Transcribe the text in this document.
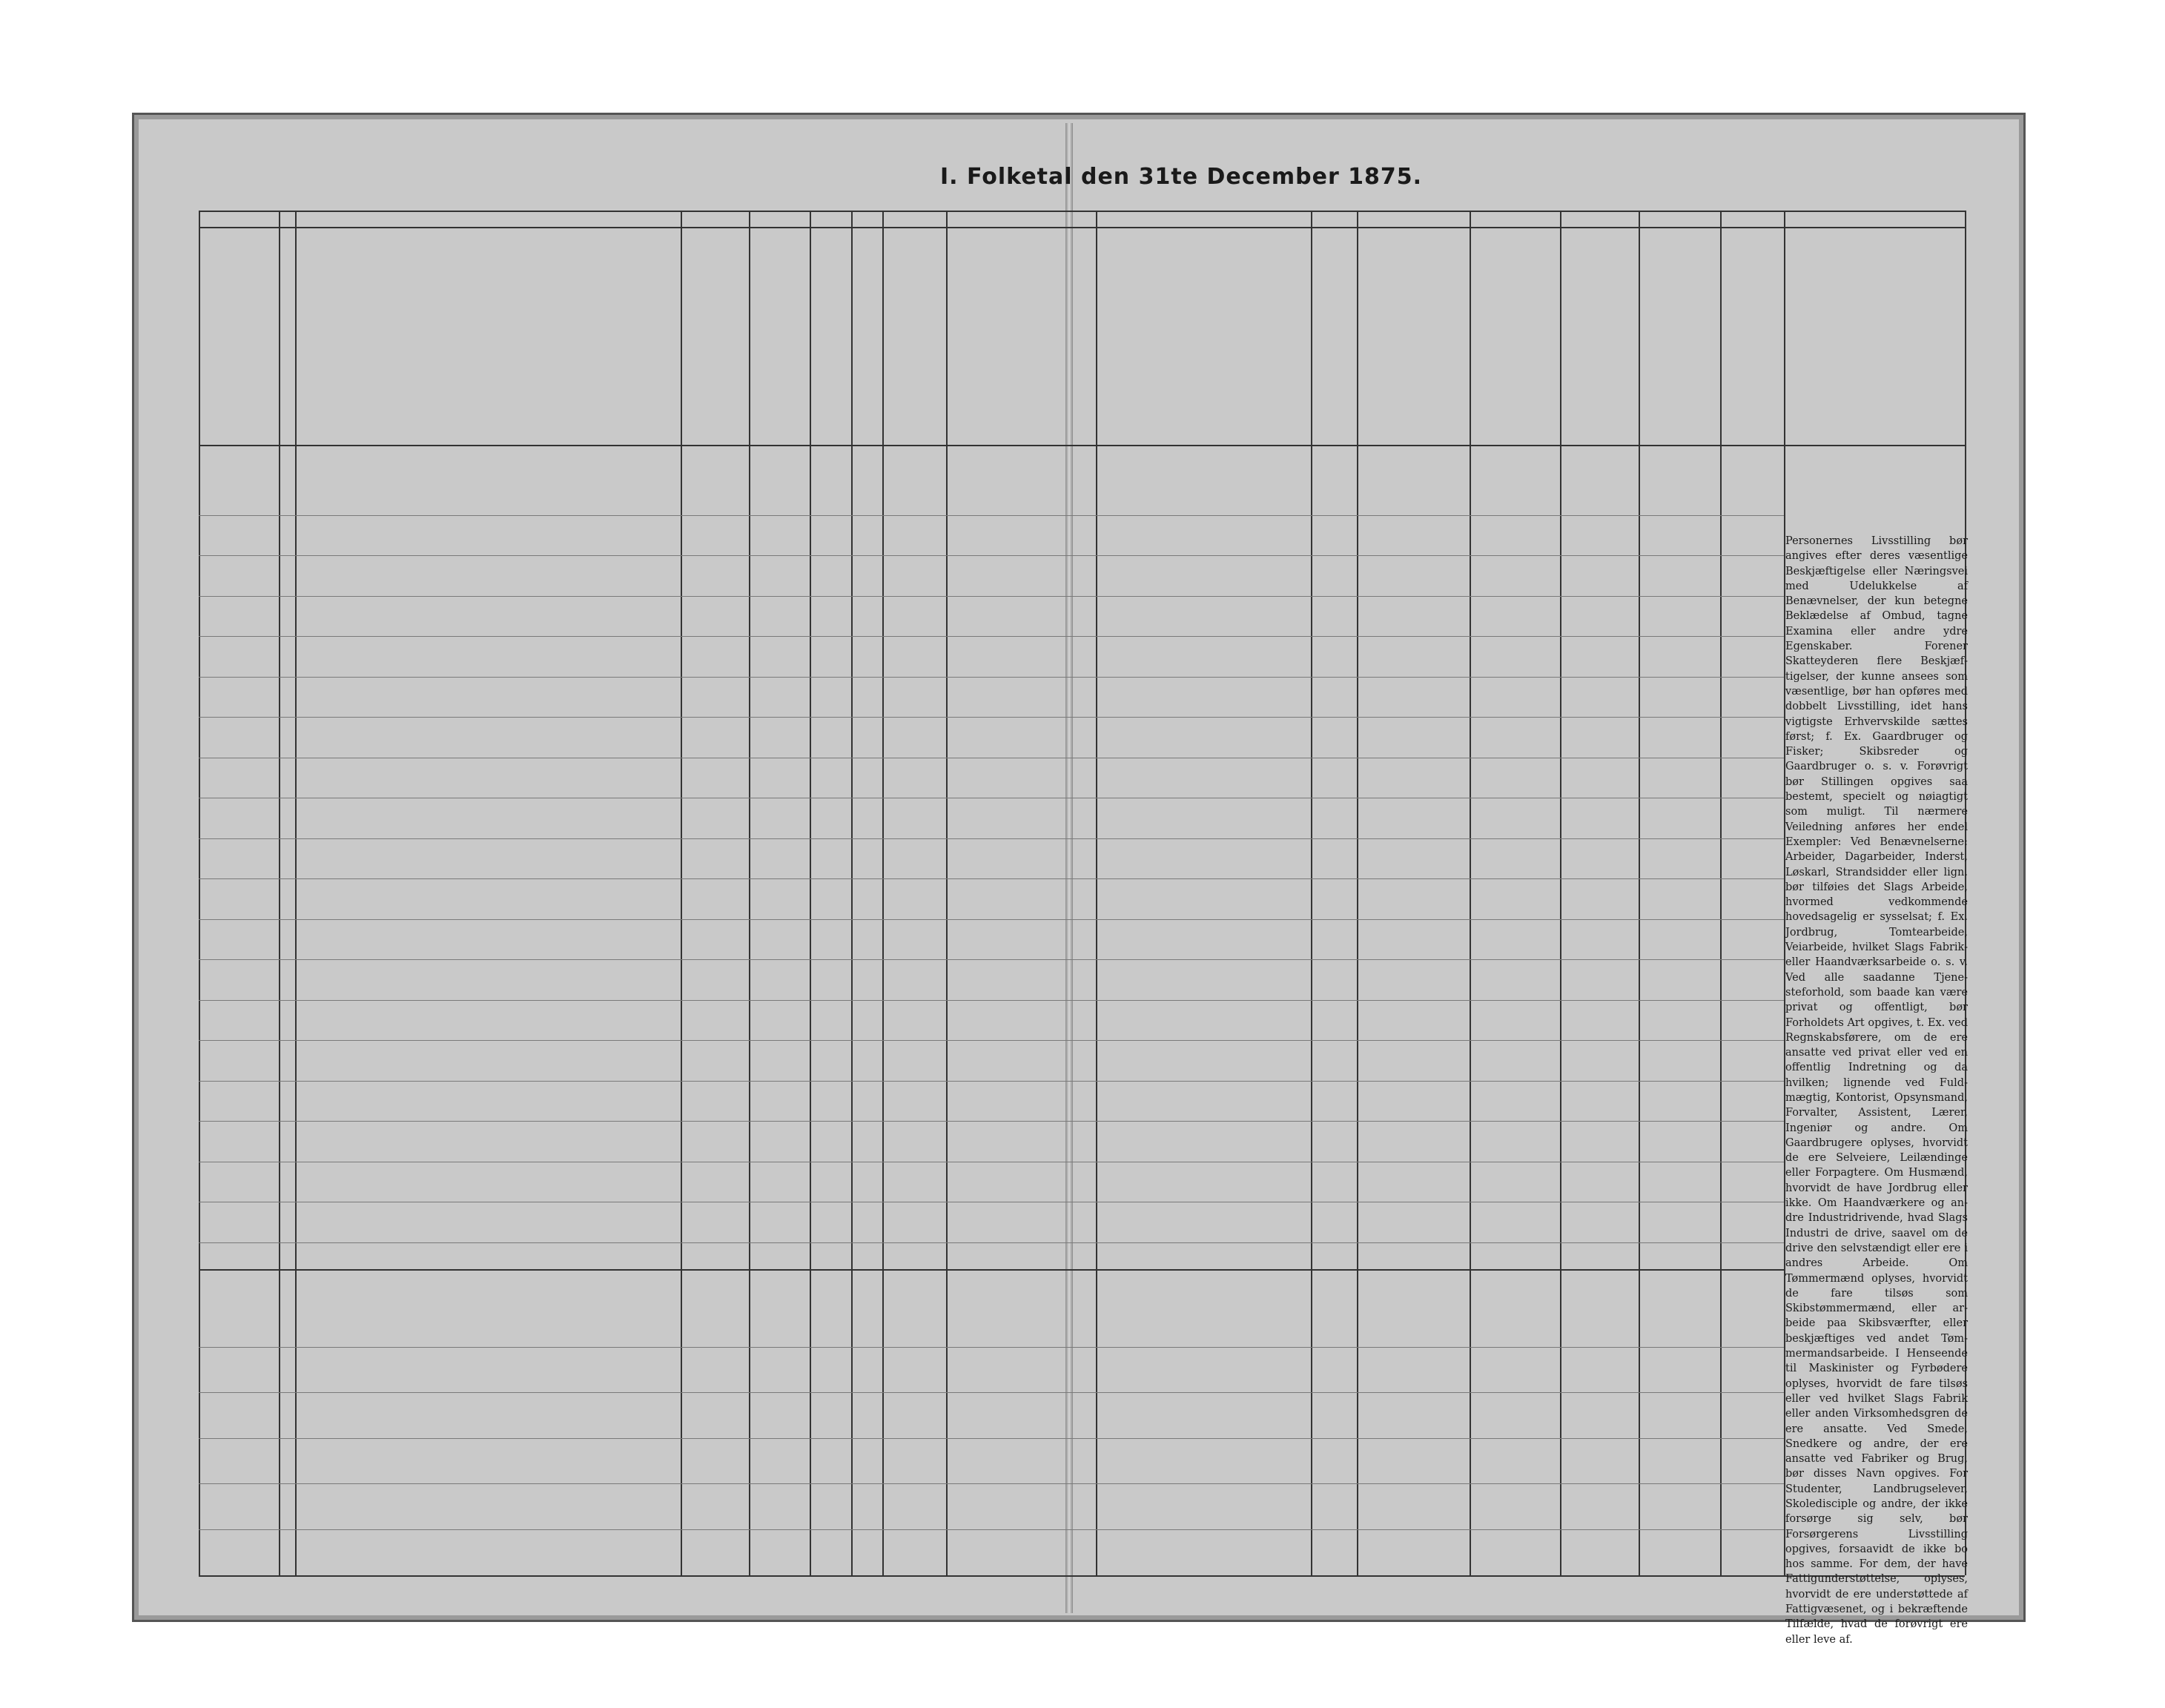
I. Folketal den 31te December 1875.
Personernes Livsstilling bør angives efter deres væsentlige Beskjæftigelse eller Næringsvei med Udelukkelse af Benævnelser, der kun betegne Beklædelse af Ombud, tagne Examina eller andre ydre Egenskaber. Forener Skatteyderen flere Beskjæftigelser, der kunne ansees som væsentlige, bør han opføres med dobbelt Livsstilling, idet hans vigtigste Erhvervskilde sættes først; f. Ex. Gaardbruger og Fisker; Skibsreder og Gaardbruger o. s. v. Forøvrigt bør Stillingen opgives saa bestemt, specielt og nøiagtigt som muligt. Til nærmere Veiledning anføres her endel Exempler: Ved Benævnelserne: Arbeider, Dagarbeider, Inderst, Løskarl, Strandsidder eller lign. bør tilføies det Slags Arbeide, hvormed vedkommende hovedsagelig er sysselsat; f. Ex. Jordbrug, Tomtearbeide, Veiarbeide, hvilket Slags Fabrik- eller Haandværksarbeide o. s. v. Ved alle saadanne Tjenesteforhold, som baade kan være privat og offentligt, bør Forholdets Art opgives, t. Ex. ved Regnskabsførere, om de ere ansatte ved privat eller ved en offentlig Indretning og da hvilken; lignende ved Fuldmægtig, Kontorist, Opsynsmand, Forvalter, Assistent, Lærer, Ingeniør og andre. Om Gaardbrugere oplyses, hvorvidt de ere Selveiere, Leilændinge eller Forpagtere. Om Husmænd, hvorvidt de have Jordbrug eller ikke. Om Haandværkere og andre Industridrivende, hvad Slags Industri de drive, saavel om de drive den selvstændigt eller ere i andres Arbeide. Om Tømmermænd oplyses, hvorvidt de fare tilsøs som Skibstømmermænd, eller arbeide paa Skibsværfter, eller beskjæftiges ved andet Tømmermandsarbeide. I Henseende til Maskinister og Fyrbødere oplyses, hvorvidt de fare tilsøs eller ved hvilket Slags Fabrik eller anden Virksomhedsgren de ere ansatte. Ved Smede, Snedkere og andre, der ere ansatte ved Fabriker og Brug, bør disses Navn opgives. For Studenter, Landbrugselever, Skoledisciple og andre, der ikke forsørge sig selv, bør Forsørgerens Livsstilling opgives, forsaavidt de ikke bo hos samme. For dem, der have Fattigunderstøttelse, oplyses, hvorvidt de ere understøttede af Fattigvæsenet, og i bekræftende Tilfælde, hvad de forøvrigt ere eller leve af.
